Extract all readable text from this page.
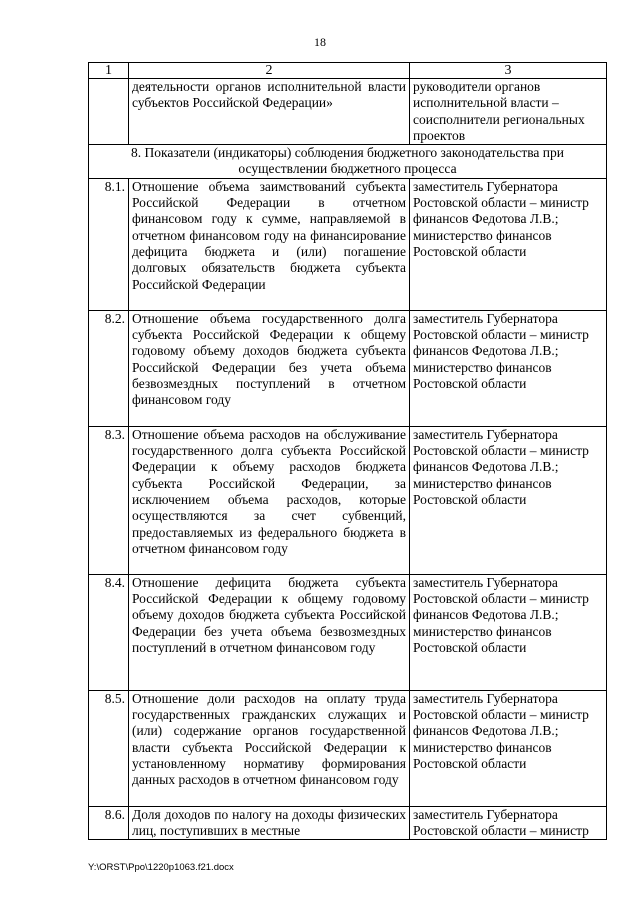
18
1	2	3
	деятельности органов исполнительной власти субъектов Российской Федерации»	руководители органов исполнительной власти – соисполнители региональных проектов
8. Показатели (индикаторы) соблюдения бюджетного законодательства при осуществлении бюджетного процесса		
8.1.	Отношение объема заимствований субъекта Российской Федерации в отчетном финансовом году к сумме, направляемой в отчетном финансовом году на финансирование дефицита бюджета и (или) погашение долговых обязательств бюджета субъекта Российской Федерации	заместитель Губернатора Ростовской области – министр финансов Федотова Л.В.; министерство финансов Ростовской области
8.2.	Отношение объема государственного долга субъекта Российской Федерации к общему годовому объему доходов бюджета субъекта Российской Федерации без учета объема безвозмездных поступлений в отчетном финансовом году	заместитель Губернатора Ростовской области – министр финансов Федотова Л.В.; министерство финансов Ростовской области
8.3.	Отношение объема расходов на обслуживание государственного долга субъекта Российской Федерации к объему расходов бюджета субъекта Российской Федерации, за исключением объема расходов, которые осуществляются за счет субвенций, предоставляемых из федерального бюджета в отчетном финансовом году	заместитель Губернатора Ростовской области – министр финансов Федотова Л.В.; министерство финансов Ростовской области
8.4.	Отношение дефицита бюджета субъекта Российской Федерации к общему годовому объему доходов бюджета субъекта Российской Федерации без учета объема безвозмездных поступлений в отчетном финансовом году	заместитель Губернатора Ростовской области – министр финансов Федотова Л.В.; министерство финансов Ростовской области
8.5.	Отношение доли расходов на оплату труда государственных гражданских служащих и (или) содержание органов государственной власти субъекта Российской Федерации к установленному нормативу формирования данных расходов в отчетном финансовом году	заместитель Губернатора Ростовской области – министр финансов Федотова Л.В.; министерство финансов Ростовской области
8.6.	Доля доходов по налогу на доходы физических лиц, поступивших в местные	заместитель Губернатора Ростовской области – министр
Y:\ORST\Ppo\1220p1063.f21.docx
